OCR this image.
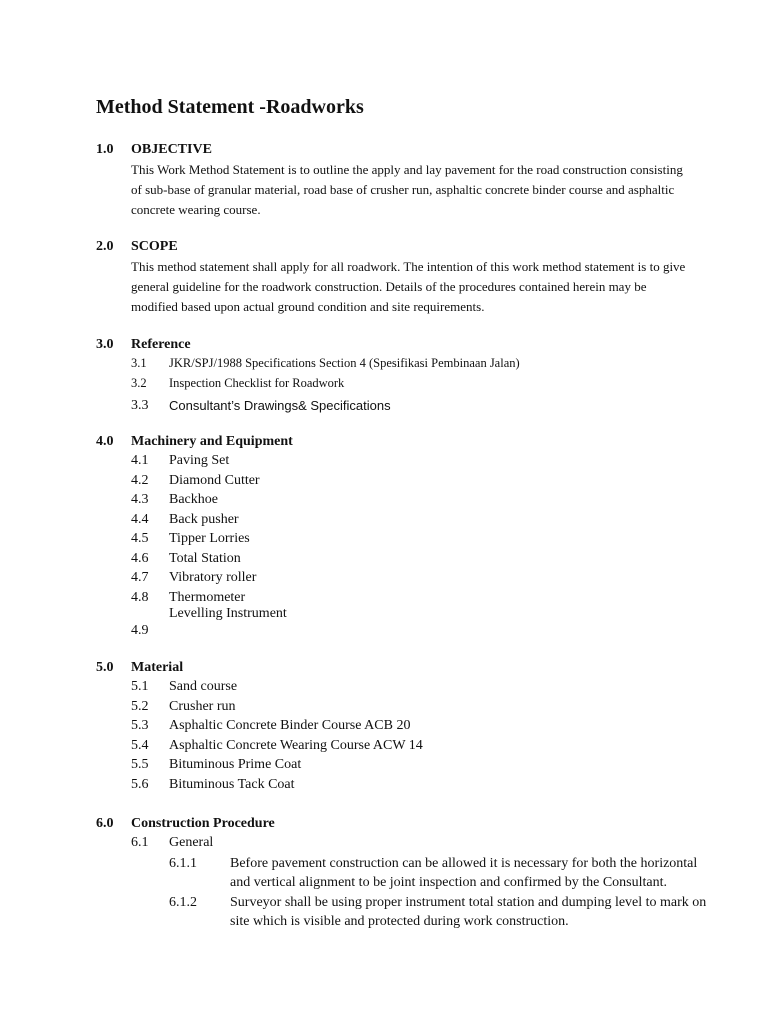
Method Statement -Roadworks
1.0 OBJECTIVE
This Work Method Statement is to outline the apply and lay pavement for the road construction consisting of sub-base of granular material, road base of crusher run, asphaltic concrete binder course and asphaltic concrete wearing course.
2.0 SCOPE
This method statement shall apply for all roadwork. The intention of this work method statement is to give general guideline for the roadwork construction. Details of the procedures contained herein may be modified based upon actual ground condition and site requirements.
3.0 Reference
3.1 JKR/SPJ/1988 Specifications Section 4 (Spesifikasi Pembinaan Jalan)
3.2 Inspection Checklist for Roadwork
3.3 Consultant’s Drawings& Specifications
4.0 Machinery and Equipment
4.1 Paving Set
4.2 Diamond Cutter
4.3 Backhoe
4.4 Back pusher
4.5 Tipper Lorries
4.6 Total Station
4.7 Vibratory roller
4.8 Thermometer
4.9
Levelling Instrument
5.0 Material
5.1 Sand course
5.2 Crusher run
5.3 Asphaltic Concrete Binder Course ACB 20
5.4 Asphaltic Concrete Wearing Course ACW 14
5.5 Bituminous Prime Coat
5.6 Bituminous Tack Coat
6.0 Construction Procedure
6.1 General
6.1.1 Before pavement construction can be allowed it is necessary for both the horizontal and vertical alignment to be joint inspection and confirmed by the Consultant.
6.1.2 Surveyor shall be using proper instrument total station and dumping level to mark on site which is visible and protected during work construction.
